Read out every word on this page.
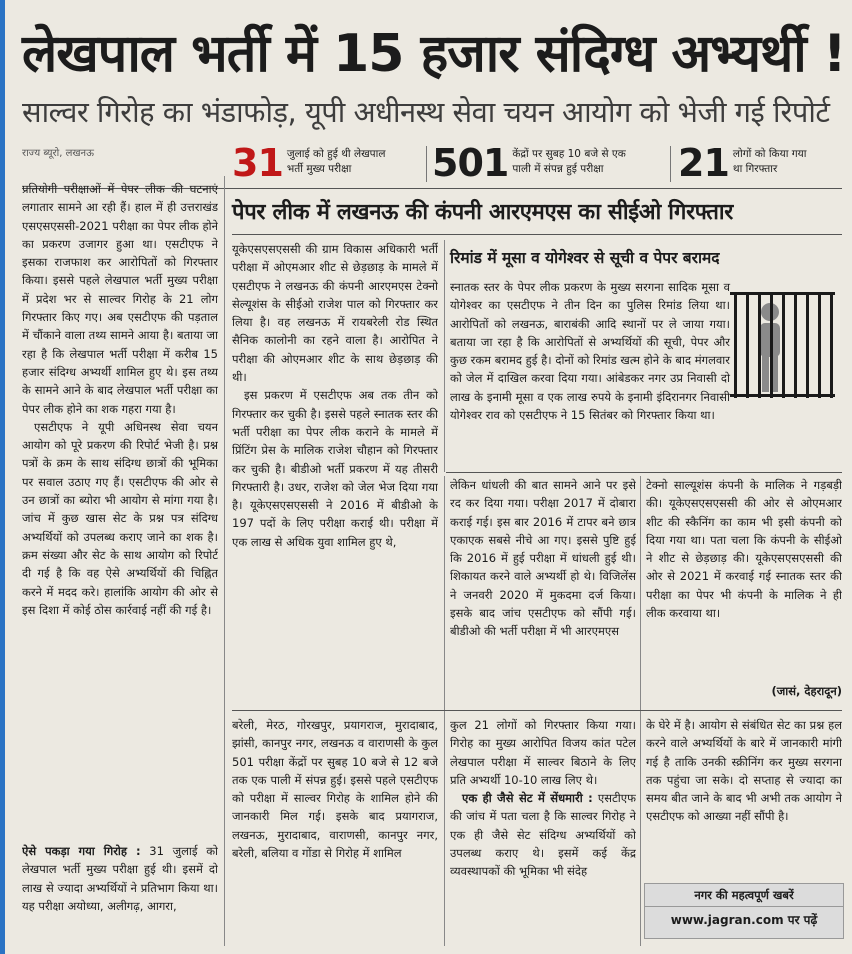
लेखपाल भर्ती में 15 हजार संदिग्ध अभ्यर्थी !
साल्वर गिरोह का भंडाफोड़, यूपी अधीनस्थ सेवा चयन आयोग को भेजी गई रिपोर्ट
राज्य ब्यूरो, लखनऊ	31 जुलाई को हुई थी लेखपाल
भर्ती मुख्य परीक्षा	501 केंद्रों पर सुबह 10 बजे से एक
पाली में संपन्न हुई परीक्षा	21 लोगों को किया गया
था गिरफ्तार
पेपर लीक में लखनऊ की कंपनी आरएमएस का सीईओ गिरफ्तार

प्रतियोगी परीक्षाओं में पेपर लीक की घटनाएं लगातार सामने आ रही हैं। हाल में ही उत्तराखंड एसएसएससी-2021 परीक्षा का पेपर लीक होने का प्रकरण उजागर हुआ था। एसटीएफ ने इसका राजफाश कर आरोपितों को गिरफ्तार किया। इससे पहले लेखपाल भर्ती मुख्य परीक्षा में प्रदेश भर से साल्वर गिरोह के 21 लोग गिरफ्तार किए गए। अब एसटीएफ की पड़ताल में चौंकाने वाला तथ्य सामने आया है। बताया जा रहा है कि लेखपाल भर्ती परीक्षा में करीब 15 हजार संदिग्ध अभ्यर्थी शामिल हुए थे। इस तथ्य के सामने आने के बाद लेखपाल भर्ती परीक्षा का पेपर लीक होने का शक गहरा गया है।

एसटीएफ ने यूपी अधिनस्थ सेवा चयन आयोग को पूरे प्रकरण की रिपोर्ट भेजी है। प्रश्न पत्रों के क्रम के साथ संदिग्ध छात्रों की भूमिका पर सवाल उठाए गए हैं। एसटीएफ की ओर से उन छात्रों का ब्योरा भी आयोग से मांगा गया है। जांच में कुछ खास सेट के प्रश्न पत्र संदिग्ध अभ्यर्थियों को उपलब्ध कराए जाने का शक है। क्रम संख्या और सेट के साथ आयोग को रिपोर्ट दी गई है कि वह ऐसे अभ्यर्थियों की चिह्नित करने में मदद करे। हालांकि आयोग की ओर से इस दिशा में कोई ठोस कार्रवाई नहीं की गई है।

ऐसे पकड़ा गया गिरोह : 31 जुलाई को लेखपाल भर्ती मुख्य परीक्षा हुई थी। इसमें दो लाख से ज्यादा अभ्यर्थियों ने प्रतिभाग किया था। यह परीक्षा अयोध्या, अलीगढ़, आगरा,

यूकेएसएसएससी की ग्राम विकास अधिकारी भर्ती परीक्षा में ओएमआर शीट से छेड़छाड़ के मामले में एसटीएफ ने लखनऊ की कंपनी आरएमएस टेक्नो सेल्यूशंस के सीईओ राजेश पाल को गिरफ्तार कर लिया है। वह लखनऊ में रायबरेली रोड स्थित सैनिक कालोनी का रहने वाला है। आरोपित ने परीक्षा की ओएमआर शीट के साथ छेड़छाड़ की थी।

इस प्रकरण में एसटीएफ अब तक तीन को गिरफ्तार कर चुकी है। इससे पहले स्नातक स्तर की भर्ती परीक्षा का पेपर लीक कराने के मामले में प्रिंटिंग प्रेस के मालिक राजेश चौहान को गिरफ्तार कर चुकी है। बीडीओ भर्ती प्रकरण में यह तीसरी गिरफ्तारी है। उधर, राजेश को जेल भेज दिया गया है। यूकेएसएसएससी ने 2016 में बीडीओ के 197 पदों के लिए परीक्षा कराई थी। परीक्षा में एक लाख से अधिक युवा शामिल हुए थे,

रिमांड में मूसा व योगेश्वर से सूची व पेपर बरामद
स्नातक स्तर के पेपर लीक प्रकरण के मुख्य सरगना सादिक मूसा व योगेश्वर का एसटीएफ ने तीन दिन का पुलिस रिमांड लिया था। आरोपितों को लखनऊ, बाराबंकी आदि स्थानों पर ले जाया गया। बताया जा रहा है कि आरोपितों से अभ्यर्थियों की सूची, पेपर और कुछ रकम बरामद हुई है। दोनों को रिमांड खत्म होने के बाद मंगलवार को जेल में दाखिल करवा दिया गया। आंबेडकर नगर उप्र निवासी दो लाख के इनामी मूसा व एक लाख रुपये के इनामी इंदिरानगर निवासी योगेश्वर राव को एसटीएफ ने 15 सितंबर को गिरफ्तार किया था।

लेकिन धांधली की बात सामने आने पर इसे रद कर दिया गया। परीक्षा 2017 में दोबारा कराई गई। इस बार 2016 में टापर बने छात्र एकाएक सबसे नीचे आ गए। इससे पुष्टि हुई कि 2016 में हुई परीक्षा में धांधली हुई थी। शिकायत करने वाले अभ्यर्थी हो थे। विजिलेंस ने जनवरी 2020 में मुकदमा दर्ज किया। इसके बाद जांच एसटीएफ को सौंपी गई। बीडीओ की भर्ती परीक्षा में भी आरएमएस

टेक्नो साल्यूशंस कंपनी के मालिक ने गड़बड़ी की। यूकेएसएसएससी की ओर से ओएमआर शीट की स्कैनिंग का काम भी इसी कंपनी को दिया गया था। पता चला कि कंपनी के सीईओ ने शीट से छेड़छाड़ की। यूकेएसएसएससी की ओर से 2021 में करवाई गई स्नातक स्तर की परीक्षा का पेपर भी कंपनी के मालिक ने ही लीक करवाया था।

(जासं, देहरादून)

बरेली, मेरठ, गोरखपुर, प्रयागराज, मुरादाबाद, झांसी, कानपुर नगर, लखनऊ व वाराणसी के कुल 501 परीक्षा केंद्रों पर सुबह 10 बजे से 12 बजे तक एक पाली में संपन्न हुई। इससे पहले एसटीएफ को परीक्षा में साल्वर गिरोह के शामिल होने की जानकारी मिल गई। इसके बाद प्रयागराज, लखनऊ, मुरादाबाद, वाराणसी, कानपुर नगर, बरेली, बलिया व गोंडा से गिरोह में शामिल

कुल 21 लोगों को गिरफ्तार किया गया। गिरोह का मुख्य आरोपित विजय कांत पटेल लेखपाल परीक्षा में साल्वर बिठाने के लिए प्रति अभ्यर्थी 10-10 लाख लिए थे।

एक ही जैसे सेट में सेंधमारी : एसटीएफ की जांच में पता चला है कि साल्वर गिरोह ने एक ही जैसे सेट संदिग्ध अभ्यर्थियों को उपलब्ध कराए थे। इसमें कई केंद्र व्यवस्थापकों की भूमिका भी संदेह

के घेरे में है। आयोग से संबंधित सेट का प्रश्न हल करने वाले अभ्यर्थियों के बारे में जानकारी मांगी गई है ताकि उनकी स्क्रीनिंग कर मुख्य सरगना तक पहुंचा जा सके। दो सप्ताह से ज्यादा का समय बीत जाने के बाद भी अभी तक आयोग ने एसटीएफ को आख्या नहीं सौंपी है।

नगर की महत्वपूर्ण खबरें
www.jagran.com पर पढ़ें
